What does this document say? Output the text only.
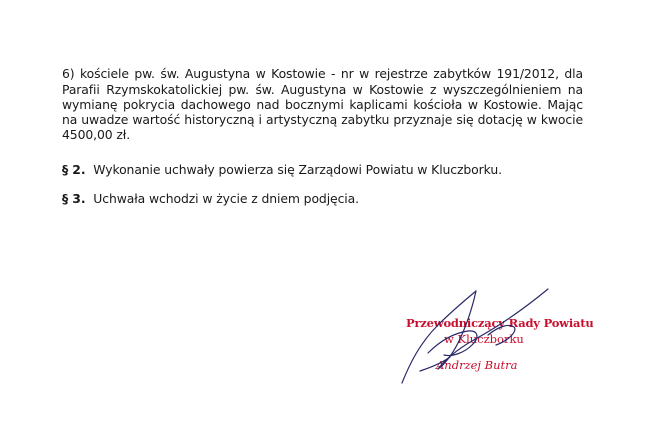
6) kościele pw. św. Augustyna w Kostowie - nr w rejestrze zabytków 191/2012, dla Parafii Rzymskokatolickiej pw. św. Augustyna w Kostowie z wyszczególnieniem na wymianę pokrycia dachowego nad bocznymi kaplicami kościoła w Kostowie. Mając na uwadze wartość historyczną i artystyczną zabytku przyznaje się dotację w kwocie 4500,00 zł.

§ 2. Wykonanie uchwały powierza się Zarządowi Powiatu w Kluczborku.

§ 3. Uchwała wchodzi w życie z dniem podjęcia.

Przewodniczący Rady Powiatu
w Kluczborku
Andrzej Butra
